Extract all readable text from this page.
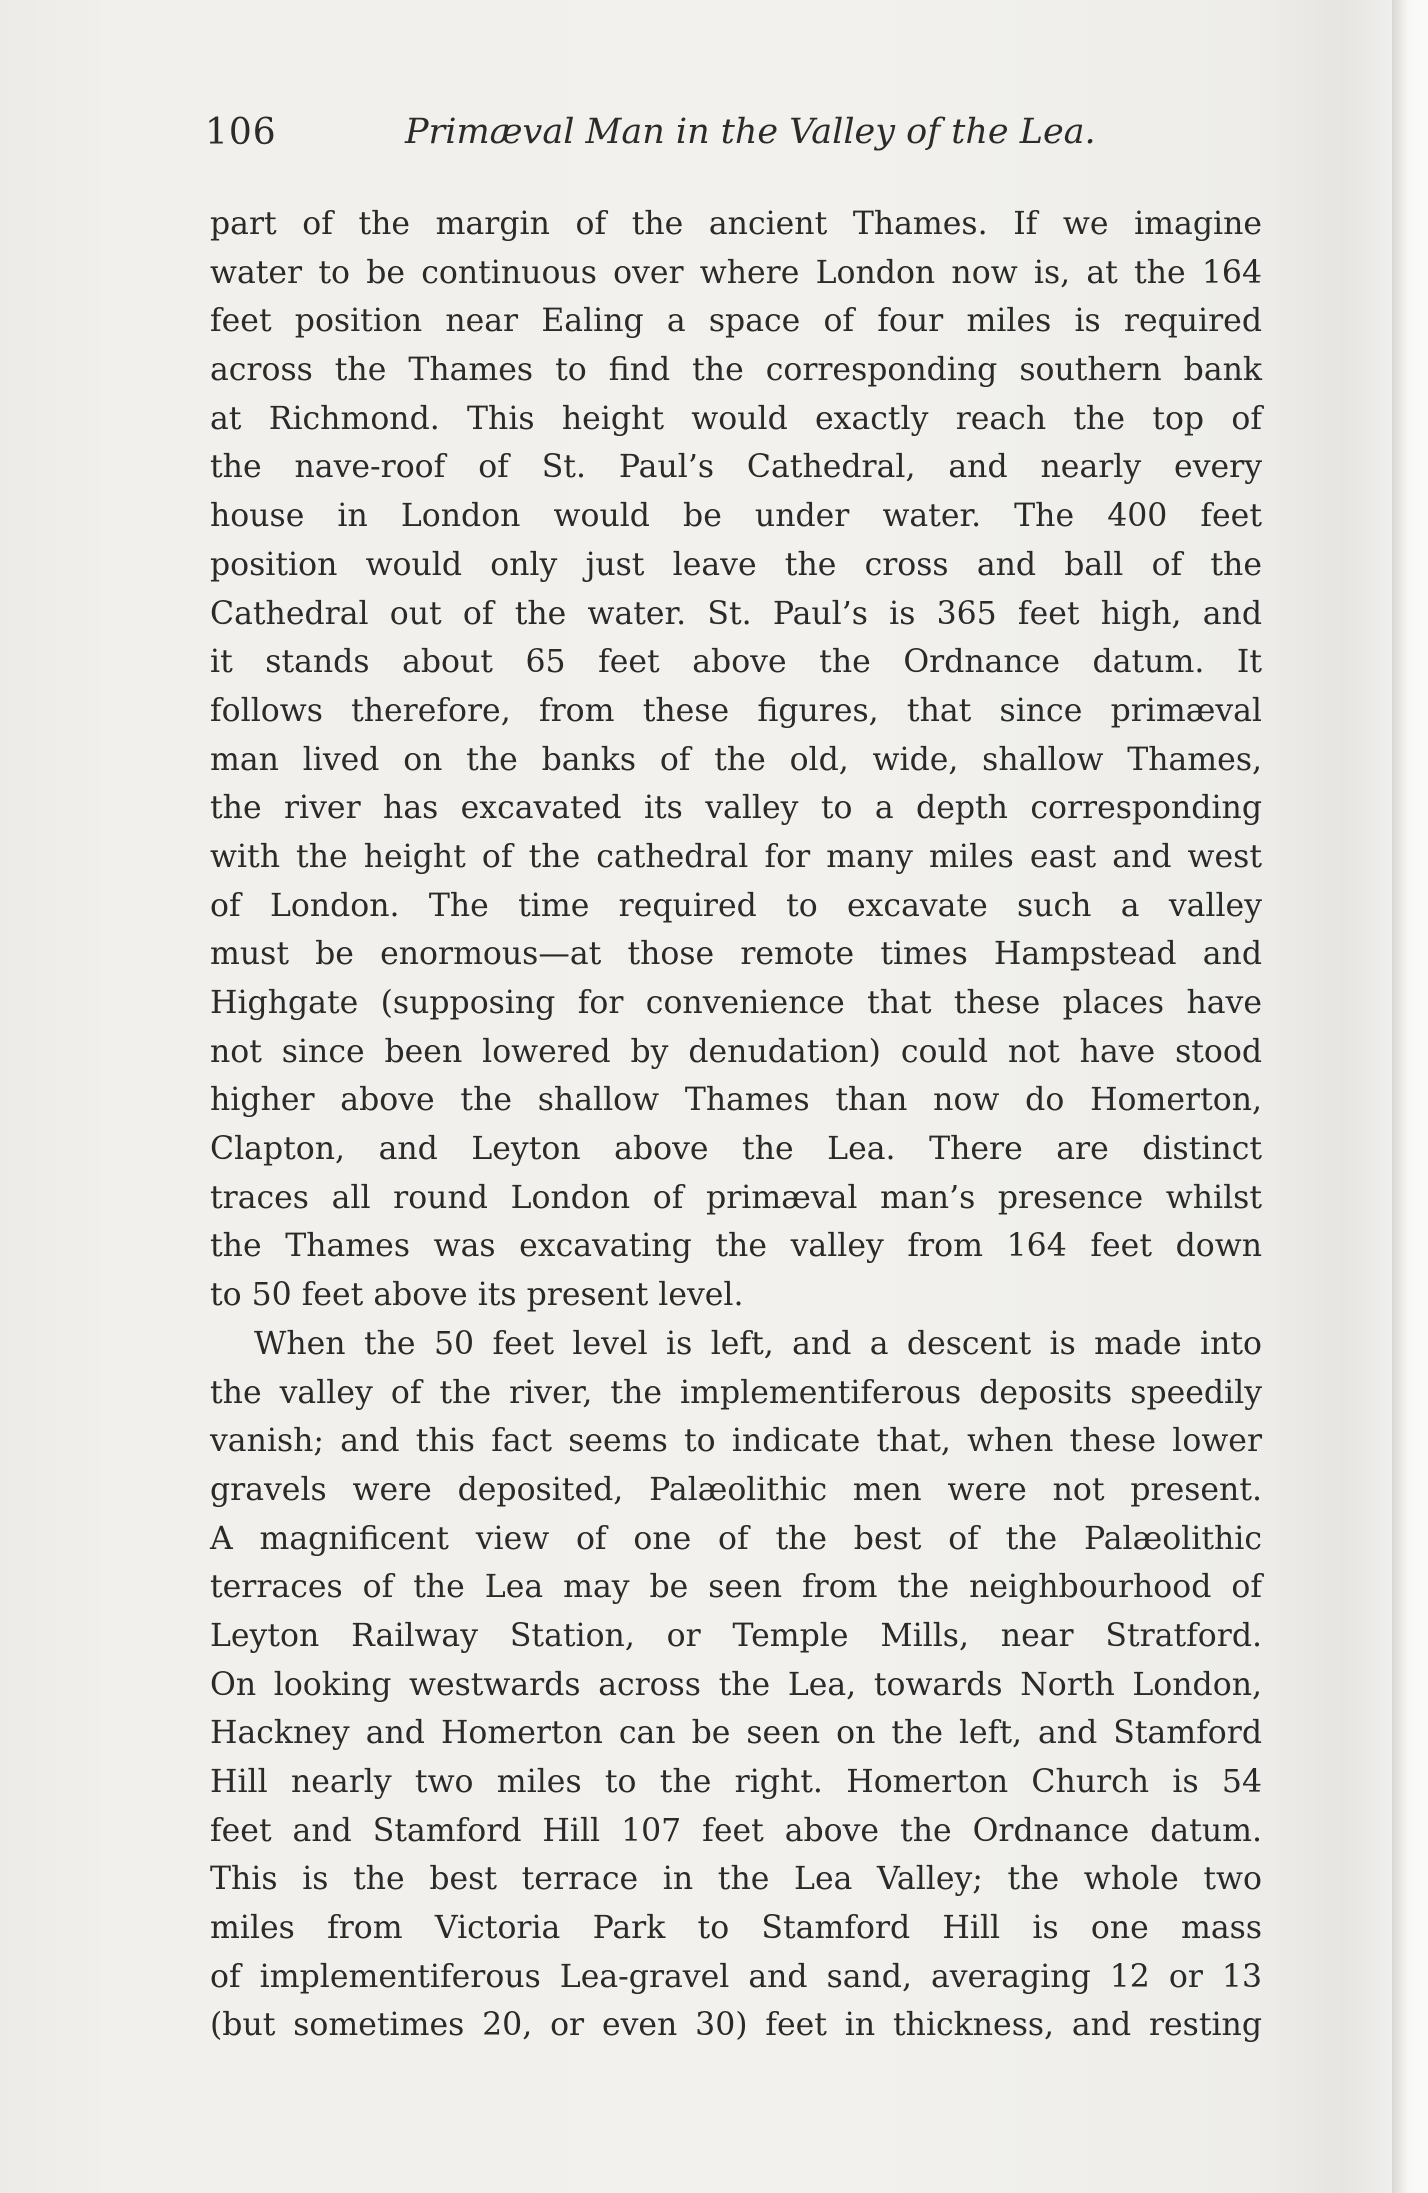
106	Primæval Man in the Valley of the Lea.
part of the margin of the ancient Thames. If we imagine
water to be continuous over where London now is, at the 164
feet position near Ealing a space of four miles is required
across the Thames to find the corresponding southern bank
at Richmond. This height would exactly reach the top of
the nave-roof of St. Paul’s Cathedral, and nearly every
house in London would be under water. The 400 feet
position would only just leave the cross and ball of the
Cathedral out of the water. St. Paul’s is 365 feet high, and
it stands about 65 feet above the Ordnance datum. It
follows therefore, from these figures, that since primæval
man lived on the banks of the old, wide, shallow Thames,
the river has excavated its valley to a depth corresponding
with the height of the cathedral for many miles east and west
of London. The time required to excavate such a valley
must be enormous—at those remote times Hampstead and
Highgate (supposing for convenience that these places have
not since been lowered by denudation) could not have stood
higher above the shallow Thames than now do Homerton,
Clapton, and Leyton above the Lea. There are distinct
traces all round London of primæval man’s presence whilst
the Thames was excavating the valley from 164 feet down
to 50 feet above its present level.
When the 50 feet level is left, and a descent is made into
the valley of the river, the implementiferous deposits speedily
vanish; and this fact seems to indicate that, when these lower
gravels were deposited, Palæolithic men were not present.
A magnificent view of one of the best of the Palæolithic
terraces of the Lea may be seen from the neighbourhood of
Leyton Railway Station, or Temple Mills, near Stratford.
On looking westwards across the Lea, towards North London,
Hackney and Homerton can be seen on the left, and Stamford
Hill nearly two miles to the right. Homerton Church is 54
feet and Stamford Hill 107 feet above the Ordnance datum.
This is the best terrace in the Lea Valley; the whole two
miles from Victoria Park to Stamford Hill is one mass
of implementiferous Lea-gravel and sand, averaging 12 or 13
(but sometimes 20, or even 30) feet in thickness, and resting
